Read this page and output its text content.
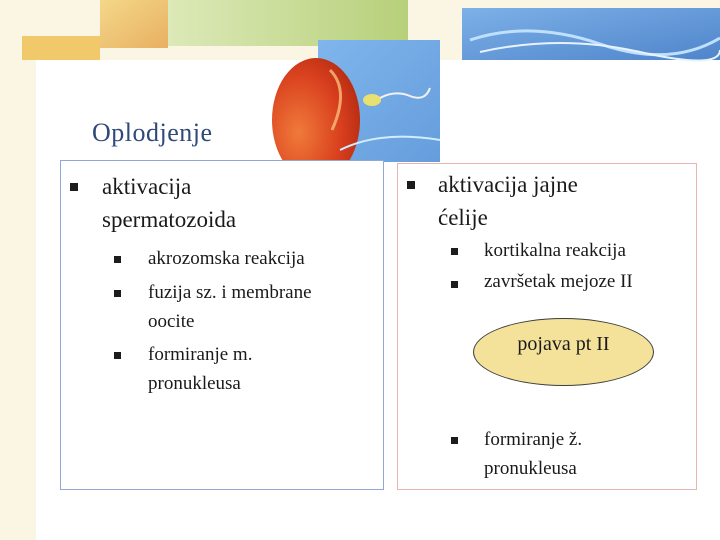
Oplodjenje
aktivacija
spermatozoida
akrozomska reakcija
fuzija sz. i membrane
oocite
formiranje m.
pronukleusa
aktivacija jajne
ćelije
kortikalna reakcija
završetak mejoze II
pojava pt II
formiranje ž.
pronukleusa
